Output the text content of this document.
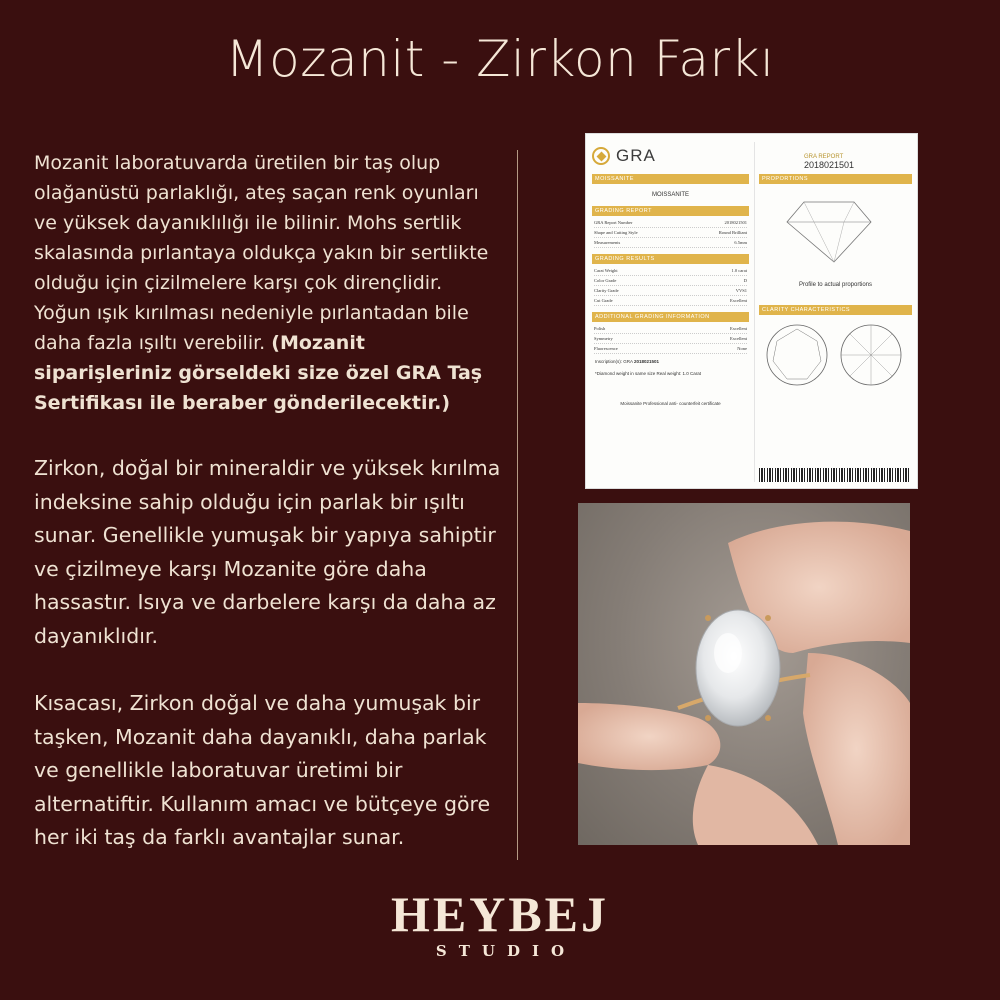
Mozanit - Zirkon Farkı

Mozanit laboratuvarda üretilen bir taş olup olağanüstü parlaklığı, ateş saçan renk oyunları ve yüksek dayanıklılığı ile bilinir. Mohs sertlik skalasında pırlantaya oldukça yakın bir sertlikte olduğu için çizilmelere karşı çok dirençlidir. Yoğun ışık kırılması nedeniyle pırlantadan bile daha fazla ışıltı verebilir. (Mozanit siparişleriniz görseldeki size özel GRA Taş Sertifikası ile beraber gönderilecektir.)

Zirkon, doğal bir mineraldir ve yüksek kırılma indeksine sahip olduğu için parlak bir ışıltı sunar. Genellikle yumuşak bir yapıya sahiptir ve çizilmeye karşı Mozanite göre daha hassastır. Isıya ve darbelere karşı da daha az dayanıklıdır.

Kısacası, Zirkon doğal ve daha yumuşak bir taşken, Mozanit daha dayanıklı, daha parlak ve genellikle laboratuvar üretimi bir alternatiftir. Kullanım amacı ve bütçeye göre her iki taş da farklı avantajlar sunar.

GRA
MOISSANITE
MOISSANITE
GRADING REPORT
GRA Report Number	2018021501
Shape and Cutting Style	Round Brilliant
Measurements	6.5mm
GRADING RESULTS
Carat Weight	1.0 carat
Color Grade	D
Clarity Grade	VVS1
Cut Grade	Excellent
ADDITIONAL GRADING INFORMATION
Polish	Excellent
Symmetry	Excellent
Fluorescence	None
Inscription(s): GRA 2018021501
*Diamond weight in same size Real weight: 1.0 Carat
Moissanite Professional anti- counterfeit certificate
GRA REPORT
2018021501
PROPORTIONS
Profile to actual proportions
CLARITY CHARACTERISTICS
HEYBEJ
STUDIO
